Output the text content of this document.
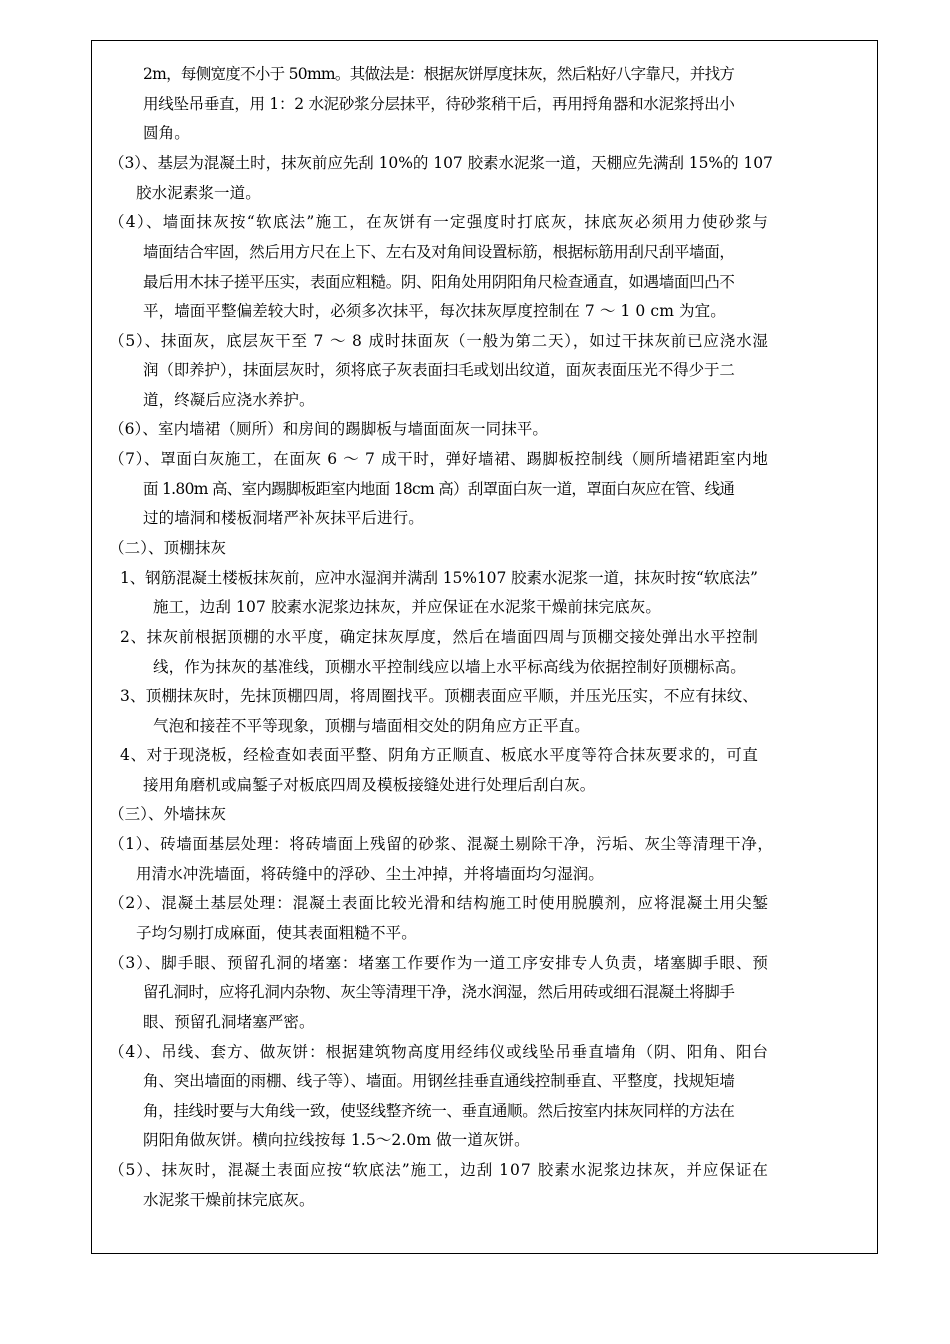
2m，每侧宽度不小于 50mm。其做法是：根据灰饼厚度抹灰，然后粘好八字靠尺，并找方
用线坠吊垂直，用 1：2 水泥砂浆分层抹平，待砂浆稍干后，再用捋角器和水泥浆捋出小
圆角。
（3）、基层为混凝土时，抹灰前应先刮 10%的 107 胶素水泥浆一道，天棚应先满刮 15%的 107
胶水泥素浆一道。
（4）、墙面抹灰按“软底法”施工，在灰饼有一定强度时打底灰，抹底灰必须用力使砂浆与
墙面结合牢固，然后用方尺在上下、左右及对角间设置标筋，根据标筋用刮尺刮平墙面，
最后用木抹子搓平压实，表面应粗糙。阴、阳角处用阴阳角尺检查通直，如遇墙面凹凸不
平，墙面平整偏差较大时，必须多次抹平，每次抹灰厚度控制在 7 ～ 1 0 cm 为宜。
（5）、抹面灰，底层灰干至 7 ～ 8 成时抹面灰（一般为第二天），如过干抹灰前已应浇水湿
润（即养护），抹面层灰时，须将底子灰表面扫毛或划出纹道，面灰表面压光不得少于二
道，终凝后应浇水养护。
（6）、室内墙裙（厕所）和房间的踢脚板与墙面面灰一同抹平。
（7）、罩面白灰施工，在面灰 6 ～ 7 成干时，弹好墙裙、踢脚板控制线（厕所墙裙距室内地
面 1.80m 高、室内踢脚板距室内地面 18cm 高）刮罩面白灰一道，罩面白灰应在管、线通
过的墙洞和楼板洞堵严补灰抹平后进行。
（二）、顶棚抹灰
1、钢筋混凝土楼板抹灰前，应冲水湿润并满刮 15%107 胶素水泥浆一道，抹灰时按“软底法”
施工，边刮 107 胶素水泥浆边抹灰，并应保证在水泥浆干燥前抹完底灰。
2、抹灰前根据顶棚的水平度，确定抹灰厚度，然后在墙面四周与顶棚交接处弹出水平控制
线，作为抹灰的基准线，顶棚水平控制线应以墙上水平标高线为依据控制好顶棚标高。
3、顶棚抹灰时，先抹顶棚四周，将周圈找平。顶棚表面应平顺，并压光压实，不应有抹纹、
气泡和接茬不平等现象，顶棚与墙面相交处的阴角应方正平直。
4、对于现浇板，经检查如表面平整、阴角方正顺直、板底水平度等符合抹灰要求的，可直
接用角磨机或扁錾子对板底四周及模板接缝处进行处理后刮白灰。
（三）、外墙抹灰
（1）、砖墙面基层处理：将砖墙面上残留的砂浆、混凝土剔除干净，污垢、灰尘等清理干净，
用清水冲洗墙面，将砖缝中的浮砂、尘土冲掉，并将墙面均匀湿润。
（2）、混凝土基层处理：混凝土表面比较光滑和结构施工时使用脱膜剂，应将混凝土用尖錾
子均匀剔打成麻面，使其表面粗糙不平。
（3）、脚手眼、预留孔洞的堵塞：堵塞工作要作为一道工序安排专人负责，堵塞脚手眼、预
留孔洞时，应将孔洞内杂物、灰尘等清理干净，浇水润湿，然后用砖或细石混凝土将脚手
眼、预留孔洞堵塞严密。
（4）、吊线、套方、做灰饼：根据建筑物高度用经纬仪或线坠吊垂直墙角（阴、阳角、阳台
角、突出墙面的雨棚、线子等）、墙面。用钢丝挂垂直通线控制垂直、平整度，找规矩墙
角，挂线时要与大角线一致，使竖线整齐统一、垂直通顺。然后按室内抹灰同样的方法在
阴阳角做灰饼。横向拉线按每 1.5～2.0m 做一道灰饼。
（5）、抹灰时，混凝土表面应按“软底法”施工，边刮 107 胶素水泥浆边抹灰，并应保证在
水泥浆干燥前抹完底灰。
